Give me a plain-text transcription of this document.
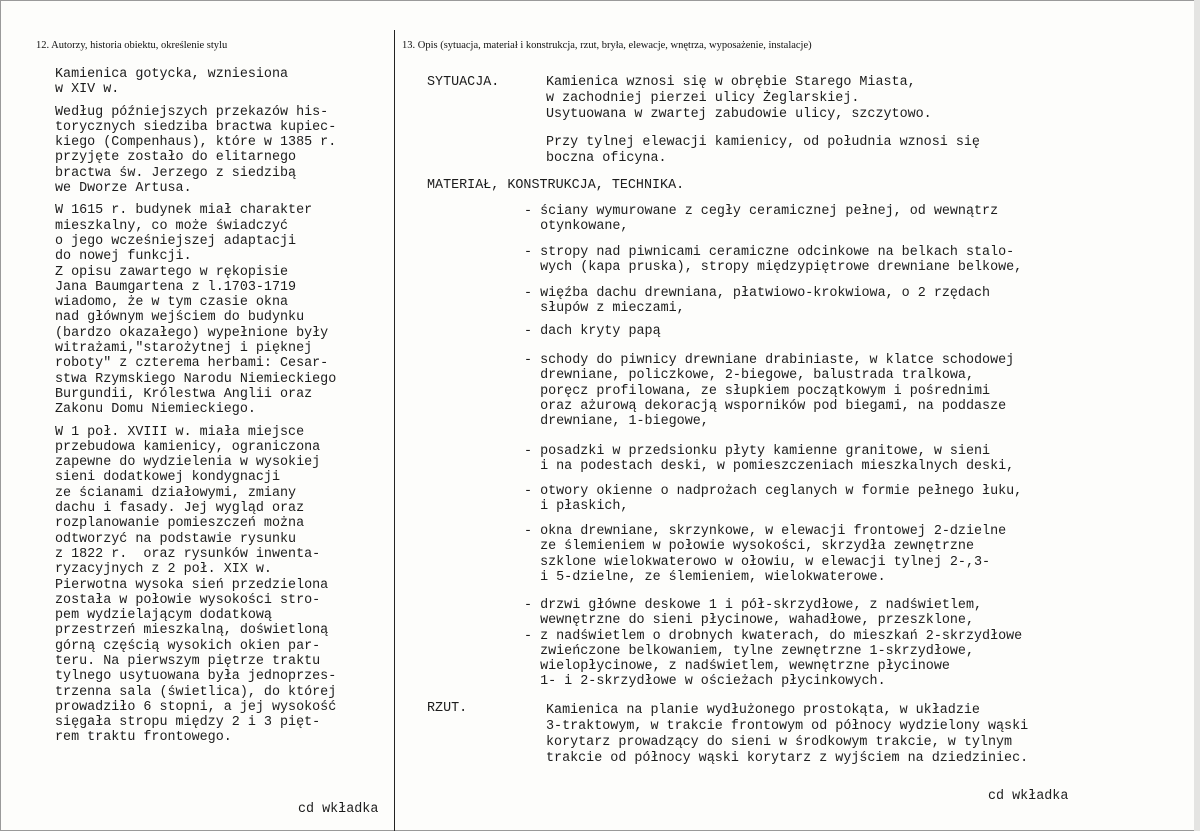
12. Autorzy, historia obiektu, określenie stylu	13. Opis (sytuacja, materiał i konstrukcja, rzut, bryła, elewacje, wnętrza, wyposażenie, instalacje)

Kamienica gotycka, wzniesiona
w XIV w.

Według późniejszych przekazów his-
torycznych siedziba bractwa kupiec-
kiego (Compenhaus), które w 1385 r.
przyjęte zostało do elitarnego
bractwa św. Jerzego z siedzibą
we Dworze Artusa.

W 1615 r. budynek miał charakter
mieszkalny, co może świadczyć
o jego wcześniejszej adaptacji
do nowej funkcji.
Z opisu zawartego w rękopisie
Jana Baumgartena z l.1703-1719
wiadomo, że w tym czasie okna
nad głównym wejściem do budynku
(bardzo okazałego) wypełnione były
witrażami,"starożytnej i pięknej
roboty" z czterema herbami: Cesar-
stwa Rzymskiego Narodu Niemieckiego
Burgundii, Królestwa Anglii oraz
Zakonu Domu Niemieckiego.

W 1 poł. XVIII w. miała miejsce
przebudowa kamienicy, ograniczona
zapewne do wydzielenia w wysokiej
sieni dodatkowej kondygnacji
ze ścianami działowymi, zmiany
dachu i fasady. Jej wygląd oraz
rozplanowanie pomieszczeń można
odtworzyć na podstawie rysunku
z 1822 r.  oraz rysunków inwenta-
ryzacyjnych z 2 poł. XIX w.
Pierwotna wysoka sień przedzielona
została w połowie wysokości stro-
pem wydzielającym dodatkową
przestrzeń mieszkalną, doświetloną
górną częścią wysokich okien par-
teru. Na pierwszym piętrze traktu
tylnego usytuowana była jednoprzes-
trzenna sala (świetlica), do której
prowadziło 6 stopni, a jej wysokość
sięgała stropu między 2 i 3 pięt-
rem traktu frontowego.

cd wkładka
SYTUACJA.	Kamienica wznosi się w obrębie Starego Miasta,
w zachodniej pierzei ulicy Żeglarskiej.
Usytuowana w zwartej zabudowie ulicy, szczytowo.
Przy tylnej elewacji kamienicy, od południa wznosi się
boczna oficyna.
MATERIAŁ, KONSTRUKCJA, TECHNIKA.
- ściany wymurowane z cegły ceramicznej pełnej, od wewnątrz
otynkowane,
- stropy nad piwnicami ceramiczne odcinkowe na belkach stalo-
wych (kapa pruska), stropy międzypiętrowe drewniane belkowe,
- więźba dachu drewniana, płatwiowo-krokwiowa, o 2 rzędach
słupów z mieczami,
- dach kryty papą
- schody do piwnicy drewniane drabiniaste, w klatce schodowej
drewniane, policzkowe, 2-biegowe, balustrada tralkowa,
poręcz profilowana, ze słupkiem początkowym i pośrednimi
oraz ażurową dekoracją wsporników pod biegami, na poddasze
drewniane, 1-biegowe,
- posadzki w przedsionku płyty kamienne granitowe, w sieni
i na podestach deski, w pomieszczeniach mieszkalnych deski,
- otwory okienne o nadprożach ceglanych w formie pełnego łuku,
i płaskich,
- okna drewniane, skrzynkowe, w elewacji frontowej 2-dzielne
ze ślemieniem w połowie wysokości, skrzydła zewnętrzne
szklone wielokwaterowo w ołowiu, w elewacji tylnej 2-,3-
i 5-dzielne, ze ślemieniem, wielokwaterowe.
- drzwi główne deskowe 1 i pół-skrzydłowe, z nadświetlem,
wewnętrzne do sieni płycinowe, wahadłowe, przeszklone,
- z nadświetlem o drobnych kwaterach, do mieszkań 2-skrzydłowe
zwieńczone belkowaniem, tylne zewnętrzne 1-skrzydłowe,
wielopłycinowe, z nadświetlem, wewnętrzne płycinowe
1- i 2-skrzydłowe w ościeżach płycinkowych.
RZUT.	Kamienica na planie wydłużonego prostokąta, w układzie
3-traktowym, w trakcie frontowym od północy wydzielony wąski
korytarz prowadzący do sieni w środkowym trakcie, w tylnym
trakcie od północy wąski korytarz z wyjściem na dziedziniec.
cd wkładka
